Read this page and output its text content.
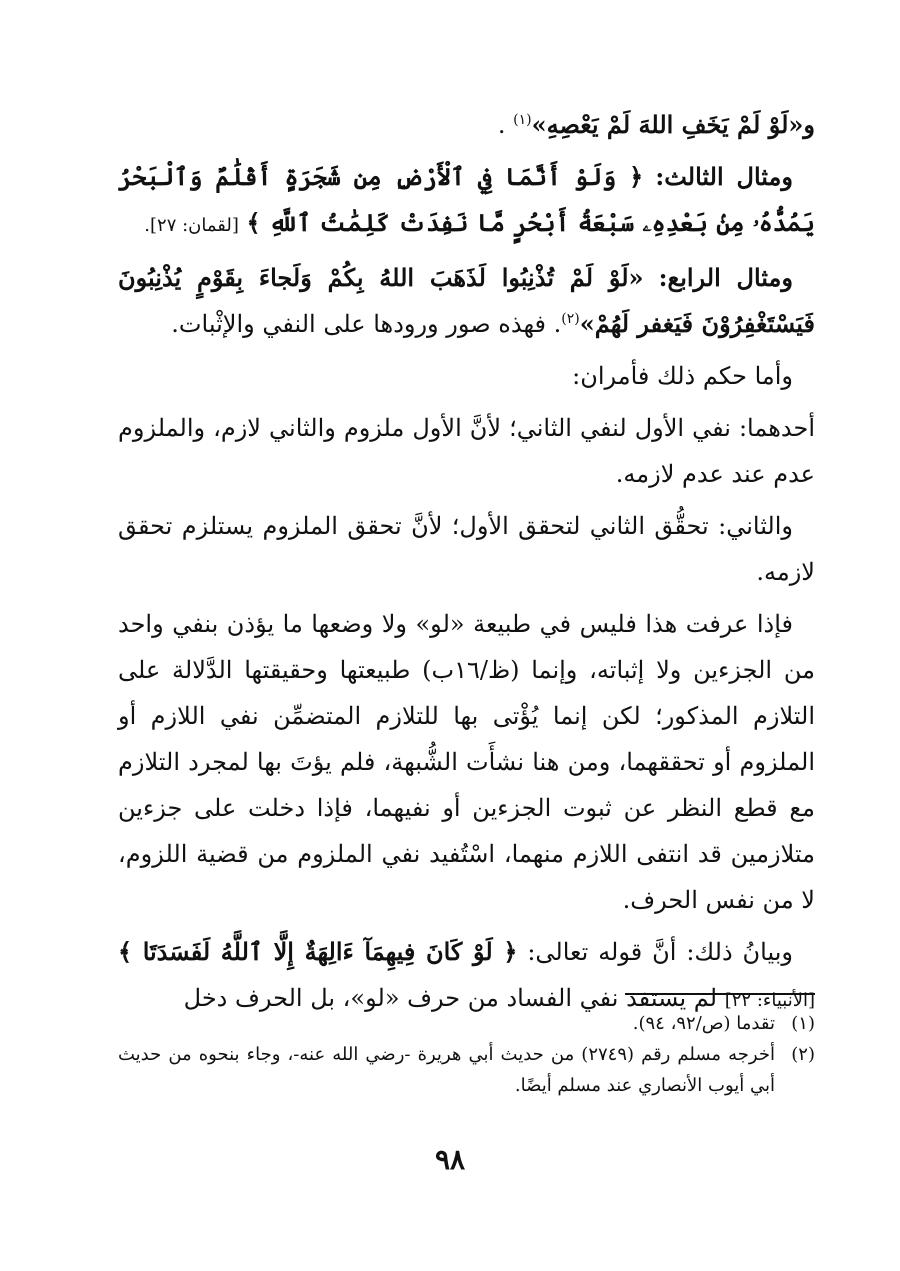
و«لَوْ لَمْ يَخَفِ اللهَ لَمْ يَعْصِهِ»$^{(١)}$ .

ومثال الثالث: ﴿ وَلَوْ أَنَّمَا فِي ٱلْأَرْضِ مِن شَجَرَةٍ أَقْلَٰمٌ وَٱلْبَحْرُ يَمُدُّهُۥ مِنۢ بَعْدِهِۦ سَبْعَةُ أَبْحُرٍ مَّا نَفِدَتْ كَلِمَٰتُ ٱللَّهِ ﴾ [لقمان: ٢٧].

ومثال الرابع: «لَوْ لَمْ تُذْنِبُوا لَذَهَبَ اللهُ بِكُمْ وَلَجاءَ بِقَوْمٍ يُذْنِبُونَ فَيَسْتَغْفِرُوْنَ فَيَغفر لَهُمْ»$^{(٢)}$. فهذه صور ورودها على النفي والإثْبات.

وأما حكم ذلك فأمران:

أحدهما: نفي الأول لنفي الثاني؛ لأنَّ الأول ملزوم والثاني لازم، والملزوم عدم عند عدم لازمه.

والثاني: تحقُّق الثاني لتحقق الأول؛ لأنَّ تحقق الملزوم يستلزم تحقق لازمه.

فإذا عرفت هذا فليس في طبيعة «لو» ولا وضعها ما يؤذن بنفي واحد من الجزءين ولا إثباته، وإنما (ظ/١٦ب) طبيعتها وحقيقتها الدَّلالة على التلازم المذكور؛ لكن إنما يُؤْتى بها للتلازم المتضمِّن نفي اللازم أو الملزوم أو تحققهما، ومن هنا نشأَت الشُّبهة، فلم يؤتَ بها لمجرد التلازم مع قطع النظر عن ثبوت الجزءين أو نفيهما، فإذا دخلت على جزءين متلازمين قد انتفى اللازم منهما، اسْتُفيد نفي الملزوم من قضية اللزوم، لا من نفس الحرف.

وبيانُ ذلك: أنَّ قوله تعالى: ﴿ لَوْ كَانَ فِيهِمَآ ءَالِهَةٌ إِلَّا ٱللَّهُ لَفَسَدَتَا ﴾ [الأنبياء: ٢٢] لم يستفد نفي الفساد من حرف «لو»، بل الحرف دخل

(١)
تقدما (ص/٩٢، ٩٤).

(٢)
أخرجه مسلم رقم (٢٧٤٩) من حديث أبي هريرة -رضي الله عنه-، وجاء بنحوه من حديث أبي أيوب الأنصاري عند مسلم أيضًا.

٩٨
